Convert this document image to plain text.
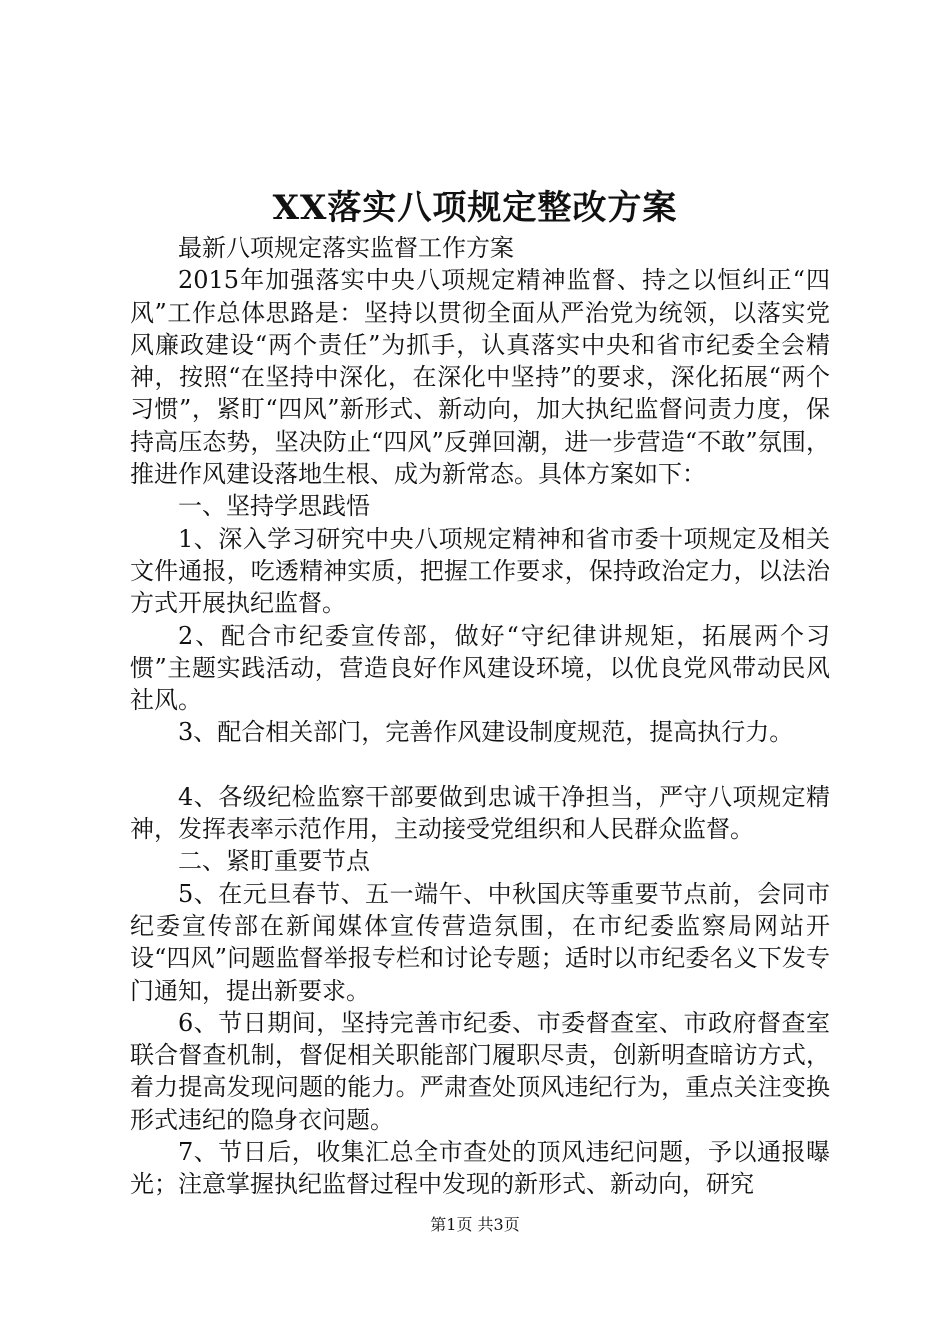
XX落实八项规定整改方案

最新八项规定落实监督工作方案

2015年加强落实中央八项规定精神监督、持之以恒纠正“四风”工作总体思路是：坚持以贯彻全面从严治党为统领，以落实党风廉政建设“两个责任”为抓手，认真落实中央和省市纪委全会精神，按照“在坚持中深化，在深化中坚持”的要求，深化拓展“两个习惯”，紧盯“四风”新形式、新动向，加大执纪监督问责力度，保持高压态势，坚决防止“四风”反弹回潮，进一步营造“不敢”氛围，推进作风建设落地生根、成为新常态。具体方案如下：

一、坚持学思践悟

1、深入学习研究中央八项规定精神和省市委十项规定及相关文件通报，吃透精神实质，把握工作要求，保持政治定力，以法治方式开展执纪监督。

2、配合市纪委宣传部，做好“守纪律讲规矩，拓展两个习惯”主题实践活动，营造良好作风建设环境，以优良党风带动民风社风。

3、配合相关部门，完善作风建设制度规范，提高执行力。

4、各级纪检监察干部要做到忠诚干净担当，严守八项规定精神，发挥表率示范作用，主动接受党组织和人民群众监督。

二、紧盯重要节点

5、在元旦春节、五一端午、中秋国庆等重要节点前，会同市纪委宣传部在新闻媒体宣传营造氛围，在市纪委监察局网站开设“四风”问题监督举报专栏和讨论专题；适时以市纪委名义下发专门通知，提出新要求。

6、节日期间，坚持完善市纪委、市委督查室、市政府督查室联合督查机制，督促相关职能部门履职尽责，创新明查暗访方式，着力提高发现问题的能力。严肃查处顶风违纪行为，重点关注变换形式违纪的隐身衣问题。

7、节日后，收集汇总全市查处的顶风违纪问题，予以通报曝光；注意掌握执纪监督过程中发现的新形式、新动向，研究

第1页 共3页
